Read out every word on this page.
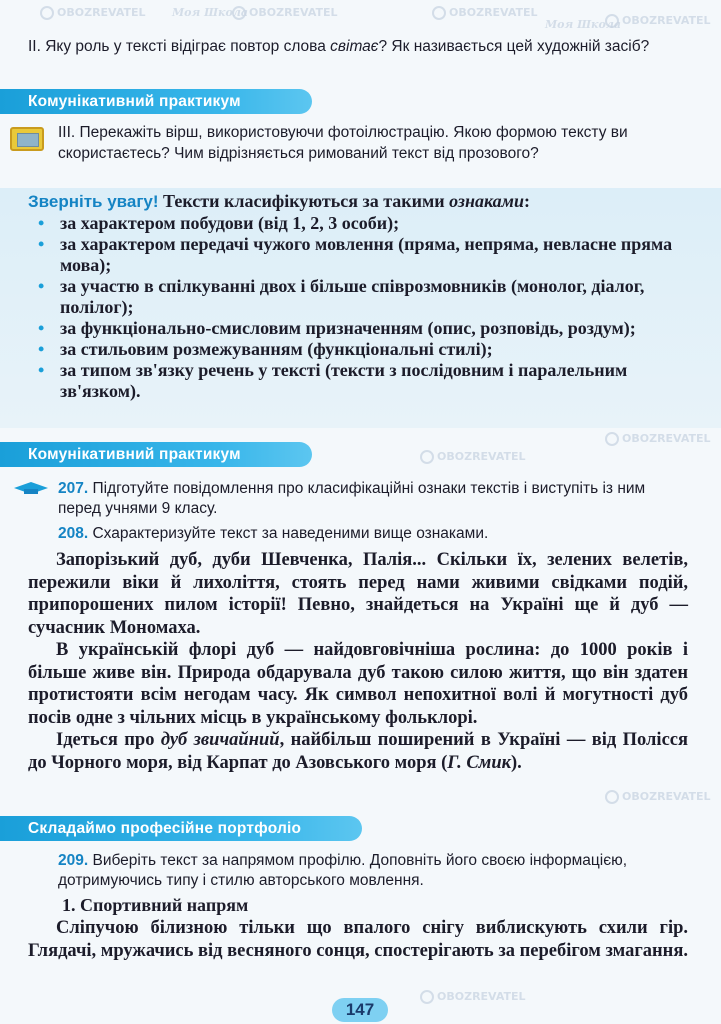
OBOZREVATEL Моя Школа OBOZREVATEL	OBOZREVATEL
Моя Школа OBOZREVATEL
OBOZREVATEL
OBOZREVATEL
OBOZREVATEL
OBOZREVATEL
II. Яку роль у тексті відіграє повтор слова світає? Як називається цей художній засіб?
Комунікативний практикум
III. Перекажіть вірш, використовуючи фотоілюстрацію. Якою формою тексту ви скористаєтесь? Чим відрізняється римований текст від прозового?
Зверніть увагу! Тексти класифікуються за такими ознаками:
• за характером побудови (від 1, 2, 3 особи);
• за характером передачі чужого мовлення (пряма, непряма, невласне пряма мова);
• за участю в спілкуванні двох і більше співрозмовників (монолог, діалог, полілог);
• за функціонально-смисловим призначенням (опис, розповідь, роздум);
• за стильовим розмежуванням (функціональні стилі);
• за типом зв'язку речень у тексті (тексти з послідовним і паралельним зв'язком).
Комунікативний практикум
207. Підготуйте повідомлення про класифікаційні ознаки текстів і виступіть із ним перед учнями 9 класу.
208. Схарактеризуйте текст за наведеними вище ознаками.

Запорізький дуб, дуби Шевченка, Палія... Скільки їх, зелених велетів, пережили віки й лихоліття, стоять перед нами живими свідками подій, припорошених пилом історії! Певно, знайдеться на Україні ще й дуб — сучасник Мономаха.

В українській флорі дуб — найдовговічніша рослина: до 1000 років і більше живе він. Природа обдарувала дуб такою силою життя, що він здатен протистояти всім негодам часу. Як символ непохитної волі й могутності дуб посів одне з чільних місць в українському фольклорі.

Ідеться про дуб звичайний, найбільш поширений в Україні — від Полісся до Чорного моря, від Карпат до Азовського моря (Г. Смик).

Складаймо професійне портфоліо
209. Виберіть текст за напрямом профілю. Доповніть його своєю інформацією, дотримуючись типу і стилю авторського мовлення.
1. Спортивний напрям

Сліпучою білизною тільки що впалого снігу виблискують схили гір. Глядачі, мружачись від весняного сонця, спостерігають за перебігом змагання.

147
